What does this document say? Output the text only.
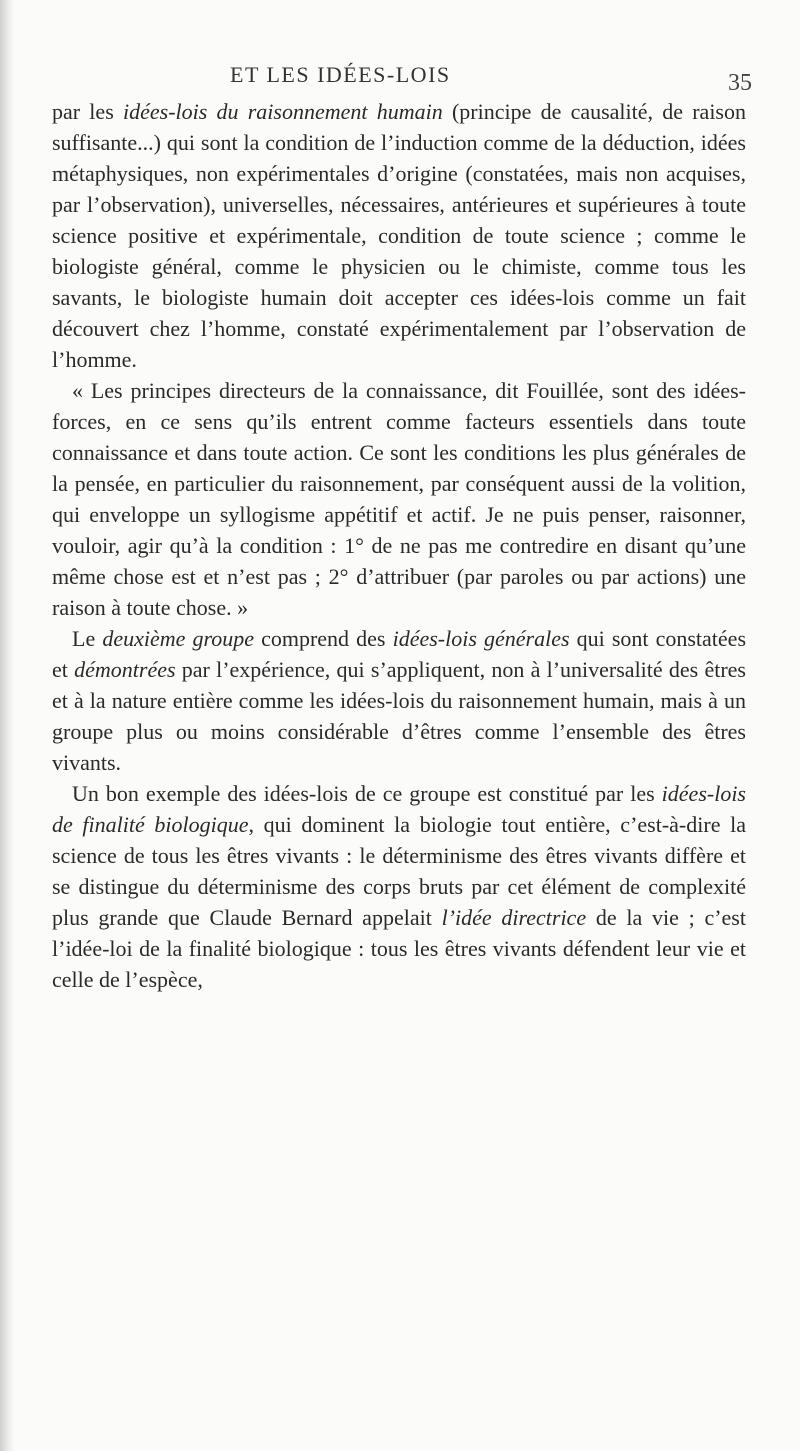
ET LES IDÉES-LOIS	35

par les idées-lois du raisonnement humain (principe de causalité, de raison suffisante...) qui sont la condition de l’induction comme de la déduction, idées métaphysiques, non expérimentales d’origine (constatées, mais non acquises, par l’observation), universelles, nécessaires, antérieures et supérieures à toute science positive et expérimentale, condition de toute science ; comme le biologiste général, comme le physicien ou le chimiste, comme tous les savants, le biologiste humain doit accepter ces idées-lois comme un fait découvert chez l’homme, constaté expérimentalement par l’observation de l’homme.

« Les principes directeurs de la connaissance, dit Fouillée, sont des idées-forces, en ce sens qu’ils entrent comme facteurs essentiels dans toute connaissance et dans toute action. Ce sont les conditions les plus générales de la pensée, en particulier du raisonnement, par conséquent aussi de la volition, qui enveloppe un syllogisme appétitif et actif. Je ne puis penser, raisonner, vouloir, agir qu’à la condition : 1° de ne pas me contredire en disant qu’une même chose est et n’est pas ; 2° d’attribuer (par paroles ou par actions) une raison à toute chose. »

Le deuxième groupe comprend des idées-lois générales qui sont constatées et démontrées par l’expérience, qui s’appliquent, non à l’universalité des êtres et à la nature entière comme les idées-lois du raisonnement humain, mais à un groupe plus ou moins considérable d’êtres comme l’ensemble des êtres vivants.

Un bon exemple des idées-lois de ce groupe est constitué par les idées-lois de finalité biologique, qui dominent la biologie tout entière, c’est-à-dire la science de tous les êtres vivants : le déterminisme des êtres vivants diffère et se distingue du déterminisme des corps bruts par cet élément de complexité plus grande que Claude Bernard appelait l’idée directrice de la vie ; c’est l’idée-loi de la finalité biologique : tous les êtres vivants défendent leur vie et celle de l’espèce,
